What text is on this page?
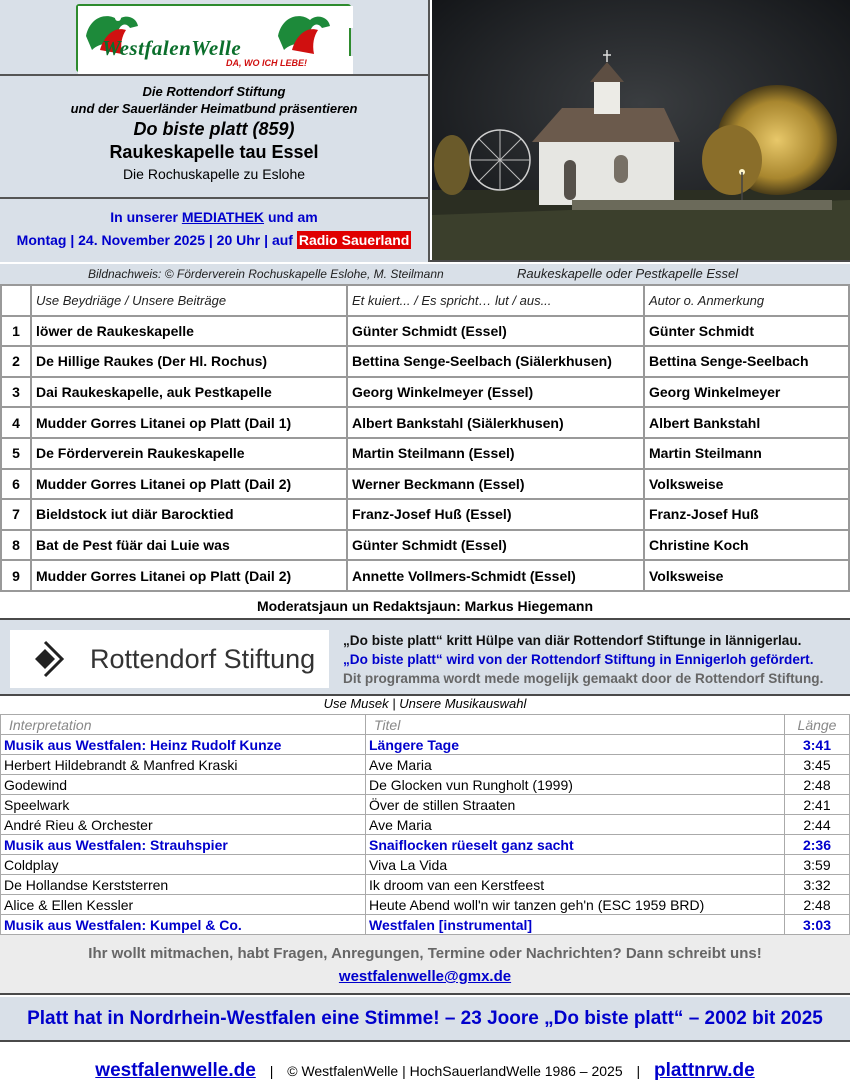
WestfalenWelle
DA, WO ICH LEBE!
Die Rottendorf Stiftung
und der Sauerländer Heimatbund präsentieren
Do biste platt (859)
Raukeskapelle tau Essel
Die Rochuskapelle zu Eslohe
In unserer MEDIATHEK und am
Montag | 24. November 2025 | 20 Uhr | auf Radio Sauerland
Bildnachweis: © Förderverein Rochuskapelle Eslohe, M. Steilmann	Raukeskapelle oder Pestkapelle Essel
	Use Beydriäge / Unsere Beiträge	Et kuiert... / Es spricht… lut / aus...	Autor o. Anmerkung
1	löwer de Raukeskapelle	Günter Schmidt (Essel)	Günter Schmidt
2	De Hillige Raukes (Der Hl. Rochus)	Bettina Senge-Seelbach (Siälerkhusen)	Bettina Senge-Seelbach
3	Dai Raukeskapelle, auk Pestkapelle	Georg Winkelmeyer (Essel)	Georg Winkelmeyer
4	Mudder Gorres Litanei op Platt (Dail 1)	Albert Bankstahl (Siälerkhusen)	Albert Bankstahl
5	De Förderverein Raukeskapelle	Martin Steilmann (Essel)	Martin Steilmann
6	Mudder Gorres Litanei op Platt (Dail 2)	Werner Beckmann (Essel)	Volksweise
7	Bieldstock iut diär Barocktied	Franz-Josef Huß (Essel)	Franz-Josef Huß
8	Bat de Pest füär dai Luie was	Günter Schmidt (Essel)	Christine Koch
9	Mudder Gorres Litanei op Platt (Dail 2)	Annette Vollmers-Schmidt (Essel)	Volksweise
Moderatsjaun un Redaktsjaun: Markus Hiegemann
Rottendorf Stiftung
„Do biste platt“ kritt Hülpe van diär Rottendorf Stiftunge in lännigerlau.
„Do biste platt“ wird von der Rottendorf Stiftung in Ennigerloh gefördert.
Dit programma wordt mede mogelijk gemaakt door de Rottendorf Stiftung.
Use Musek | Unsere Musikauswahl
Interpretation	Titel	Länge
Musik aus Westfalen: Heinz Rudolf Kunze	Längere Tage	3:41
Herbert Hildebrandt & Manfred Kraski	Ave Maria	3:45
Godewind	De Glocken vun Rungholt (1999)	2:48
Speelwark	Över de stillen Straaten	2:41
André Rieu & Orchester	Ave Maria	2:44
Musik aus Westfalen: Strauhspier	Snaiflocken rüeselt ganz sacht	2:36
Coldplay	Viva La Vida	3:59
De Hollandse Kerststerren	Ik droom van een Kerstfeest	3:32
Alice & Ellen Kessler	Heute Abend woll'n wir tanzen geh'n (ESC 1959 BRD)	2:48
Musik aus Westfalen: Kumpel & Co.	Westfalen [instrumental]	3:03
Ihr wollt mitmachen, habt Fragen, Anregungen, Termine oder Nachrichten? Dann schreibt uns!
westfalenwelle@gmx.de
Platt hat in Nordrhein-Westfalen eine Stimme! – 23 Joore „Do biste platt“ – 2002 bit 2025
westfalenwelle.de | © WestfalenWelle | HochSauerlandWelle 1986 – 2025 | plattnrw.de
